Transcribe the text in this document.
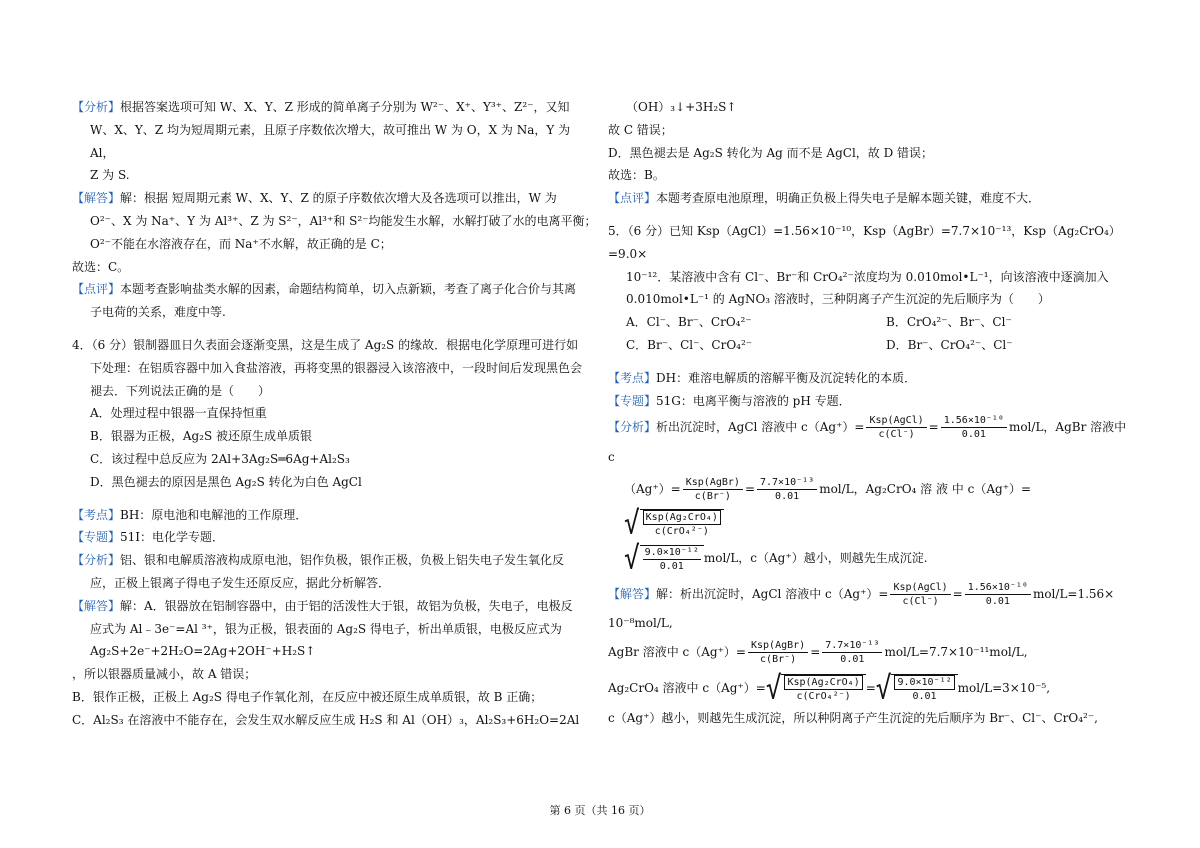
【分析】根据答案选项可知 W、X、Y、Z 形成的简单离子分别为 W²⁻、X⁺、Y³⁺、Z²⁻，又知
W、X、Y、Z 均为短周期元素，且原子序数依次增大，故可推出 W 为 O，X 为 Na，Y 为 Al，
Z 为 S.
【解答】解：根据 短周期元素 W、X、Y、Z 的原子序数依次增大及各选项可以推出，W 为
O²⁻、X 为 Na⁺、Y 为 Al³⁺、Z 为 S²⁻，Al³⁺和 S²⁻均能发生水解，水解打破了水的电离平衡；
O²⁻不能在水溶液存在，而 Na⁺不水解，故正确的是 C；
故选：C。
【点评】本题考查影响盐类水解的因素，命题结构简单，切入点新颖，考查了离子化合价与其离
子电荷的关系，难度中等.
4．（6 分）银制器皿日久表面会逐渐变黑，这是生成了 Ag₂S 的缘故．根据电化学原理可进行如
下处理：在铝质容器中加入食盐溶液，再将变黑的银器浸入该溶液中，一段时间后发现黑色会
褪去．下列说法正确的是（　　）
A．处理过程中银器一直保持恒重
B．银器为正极，Ag₂S 被还原生成单质银
C．该过程中总反应为 2Al+3Ag₂S═6Ag+Al₂S₃
D．黑色褪去的原因是黑色 Ag₂S 转化为白色 AgCl
【考点】BH：原电池和电解池的工作原理．
【专题】51I：电化学专题．
【分析】铝、银和电解质溶液构成原电池，铝作负极，银作正极，负极上铝失电子发生氧化反
应，正极上银离子得电子发生还原反应，据此分析解答．
【解答】解：A．银器放在铝制容器中，由于铝的活泼性大于银，故铝为负极，失电子，电极反
应式为 Al﹣3e⁻=Al ³⁺，银为正极，银表面的 Ag₂S 得电子，析出单质银，电极反应式为
Ag₂S+2e⁻+2H₂O=2Ag+2OH⁻+H₂S↑
，所以银器质量减小，故 A 错误；
B．银作正极，正极上 Ag₂S 得电子作氧化剂，在反应中被还原生成单质银，故 B 正确；
C．Al₂S₃ 在溶液中不能存在，会发生双水解反应生成 H₂S 和 Al（OH）₃，Al₂S₃+6H₂O=2Al
（OH）₃↓+3H₂S↑
故 C 错误；
D．黑色褪去是 Ag₂S 转化为 Ag 而不是 AgCl，故 D 错误；
故选：B。
【点评】本题考查原电池原理，明确正负极上得失电子是解本题关键，难度不大．
5．（6 分）已知 Ksp（AgCl）=1.56×10⁻¹⁰，Ksp（AgBr）=7.7×10⁻¹³，Ksp（Ag₂CrO₄）=9.0×
10⁻¹²．某溶液中含有 Cl⁻、Br⁻和 CrO₄²⁻浓度均为 0.010mol•L⁻¹，向该溶液中逐滴加入
0.010mol•L⁻¹ 的 AgNO₃ 溶液时，三种阴离子产生沉淀的先后顺序为（　　）
A．Cl⁻、Br⁻、CrO₄²⁻	B．CrO₄²⁻、Br⁻、Cl⁻
C．Br⁻、Cl⁻、CrO₄²⁻	D．Br⁻、CrO₄²⁻、Cl⁻
【考点】DH：难溶电解质的溶解平衡及沉淀转化的本质．
【专题】51G：电离平衡与溶液的 pH 专题．
【分析】析出沉淀时，AgCl 溶液中 $c(Ag^+)= \frac{\text{Ksp(AgCl)}}{c(Cl^-)} = \frac{\text{1.56×10⁻¹⁰}}{0.01} mol/L$，AgBr 溶液中 c
$(Ag^+)= \frac{\text{Ksp(AgBr)}}{c(Br^-)} = \frac{\text{7.7×10⁻¹³}}{0.01} mol/L$，Ag₂CrO₄ 溶 液 中 c（Ag⁺）=
√ Ksp(Ag₂CrO₄)
c(CrO₄²⁻)
√ $\frac{\text{9.0×10⁻¹²}}{0.01} mol/L$，c（Ag⁺）越小，则越先生成沉淀.
【解答】解：析出沉淀时，AgCl 溶液中 $c(Ag^+)= \frac{\text{Ksp(AgCl)}}{c(Cl^-)} = \frac{\text{1.56×10⁻¹⁰}}{0.01} mol/L=1.56\times$
10⁻⁸mol/L,
AgBr 溶液中 $c(Ag^+)= \frac{\text{Ksp(AgBr)}}{c(Br^-)} = \frac{\text{7.7×10⁻¹³}}{0.01} mol/L=7.7\times 10^{-11}mol/L$,
Ag₂CrO₄ 溶液中 c（Ag⁺）= √ Ksp(Ag₂CrO₄)
c(CrO₄²⁻)
= √ $\frac{\text{9.0×10⁻¹²}}{0.01} mol/L=3\times 10^{-5}$,
c（Ag⁺）越小，则越先生成沉淀，所以种阴离子产生沉淀的先后顺序为 Br⁻、Cl⁻、CrO₄²⁻,
第 6 页（共 16 页）
